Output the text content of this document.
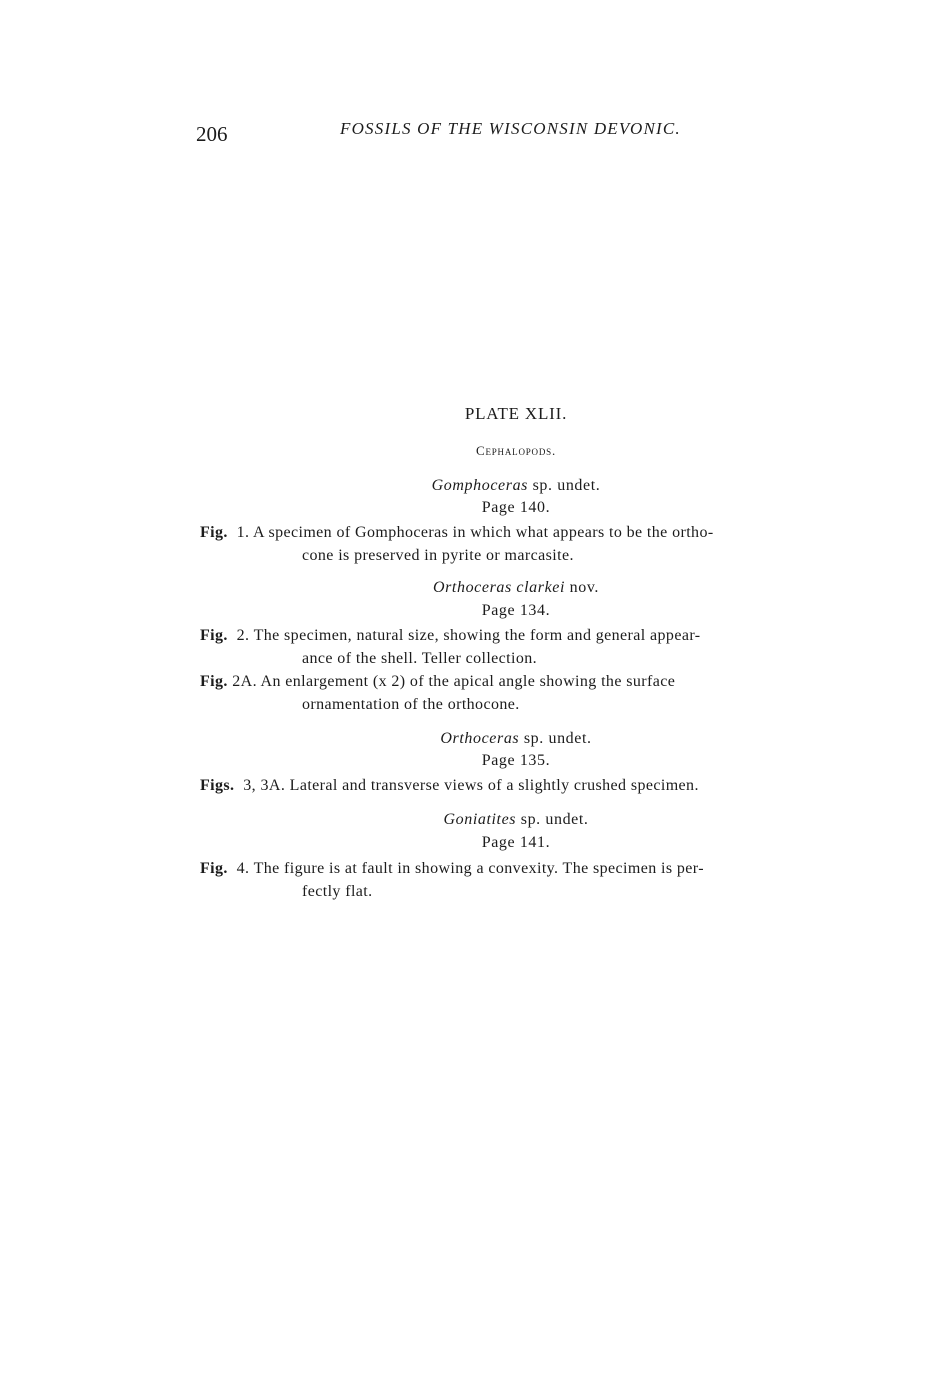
206	FOSSILS OF THE WISCONSIN DEVONIC.
PLATE XLII.
Cephalopods.
Gomphoceras sp. undet.
Page 140.
Fig. 1. A specimen of Gomphoceras in which what appears to be the ortho-
cone is preserved in pyrite or marcasite.
Orthoceras clarkei nov.
Page 134.
Fig. 2. The specimen, natural size, showing the form and general appear-
ance of the shell. Teller collection.
Fig. 2A. An enlargement (x 2) of the apical angle showing the surface
ornamentation of the orthocone.
Orthoceras sp. undet.
Page 135.
Figs. 3, 3A. Lateral and transverse views of a slightly crushed specimen.
Goniatites sp. undet.
Page 141.
Fig. 4. The figure is at fault in showing a convexity. The specimen is per-
fectly flat.
